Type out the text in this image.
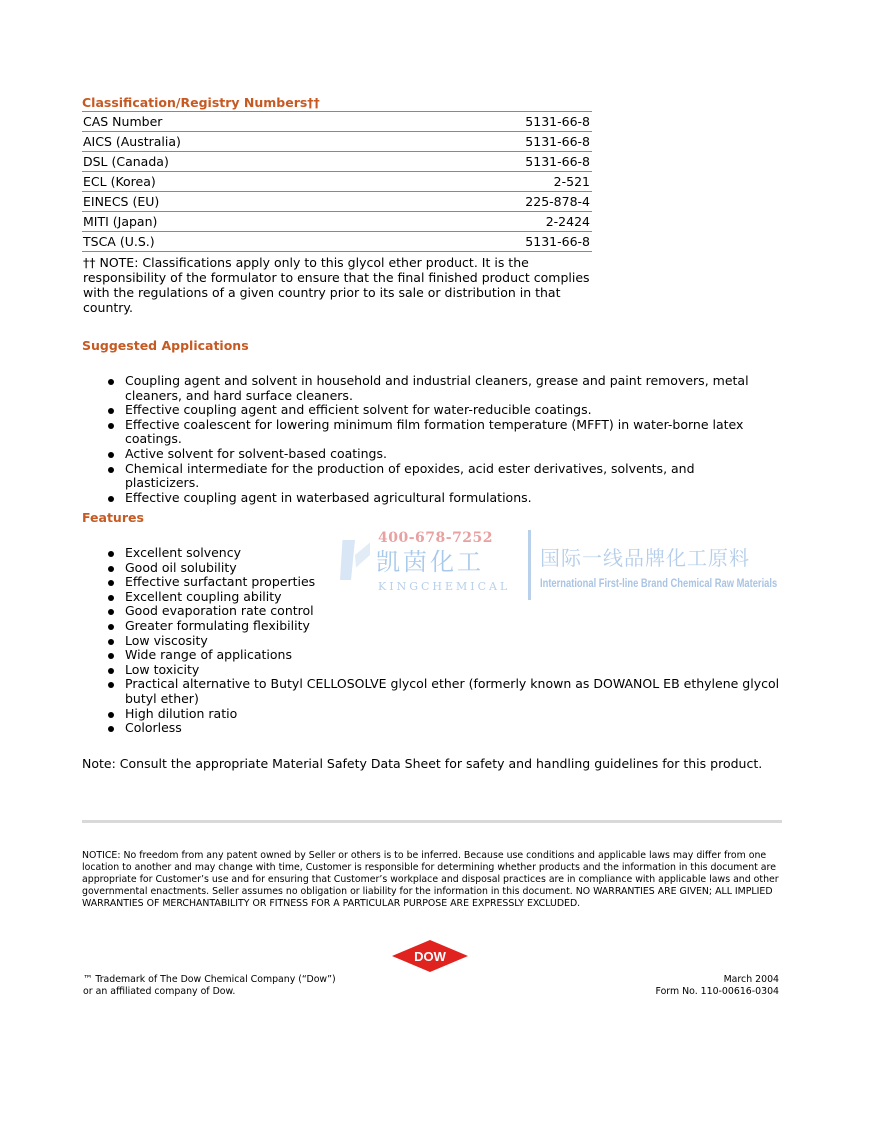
Classification/Registry Numbers††
CAS Number	5131-66-8
AICS (Australia)	5131-66-8
DSL (Canada)	5131-66-8
ECL (Korea)	2-521
EINECS (EU)	225-878-4
MITI (Japan)	2-2424
TSCA (U.S.)	5131-66-8
†† NOTE: Classifications apply only to this glycol ether product. It is the responsibility of the formulator to ensure that the final finished product complies with the regulations of a given country prior to its sale or distribution in that country.
Suggested Applications
Coupling agent and solvent in household and industrial cleaners, grease and paint removers, metal cleaners, and hard surface cleaners.
Effective coupling agent and efficient solvent for water-reducible coatings.
Effective coalescent for lowering minimum film formation temperature (MFFT) in water-borne latex coatings.
Active solvent for solvent-based coatings.
Chemical intermediate for the production of epoxides, acid ester derivatives, solvents, and plasticizers.
Effective coupling agent in waterbased agricultural formulations.
Features
400-678-7252
凯茵化工
KINGCHEMICAL
国际一线品牌化工原料
International First-line Brand Chemical Raw Materials
Excellent solvency
Good oil solubility
Effective surfactant properties
Excellent coupling ability
Good evaporation rate control
Greater formulating flexibility
Low viscosity
Wide range of applications
Low toxicity
Practical alternative to Butyl CELLOSOLVE glycol ether (formerly known as DOWANOL EB ethylene glycol butyl ether)
High dilution ratio
Colorless
Note: Consult the appropriate Material Safety Data Sheet for safety and handling guidelines for this product.
NOTICE: No freedom from any patent owned by Seller or others is to be inferred. Because use conditions and applicable laws may differ from one location to another and may change with time, Customer is responsible for determining whether products and the information in this document are appropriate for Customer’s use and for ensuring that Customer’s workplace and disposal practices are in compliance with applicable laws and other governmental enactments. Seller assumes no obligation or liability for the information in this document. NO WARRANTIES ARE GIVEN; ALL IMPLIED WARRANTIES OF MERCHANTABILITY OR FITNESS FOR A PARTICULAR PURPOSE ARE EXPRESSLY EXCLUDED.
DOW
™ Trademark of The Dow Chemical Company (“Dow”)
or an affiliated company of Dow.
March 2004
Form No. 110-00616-0304
